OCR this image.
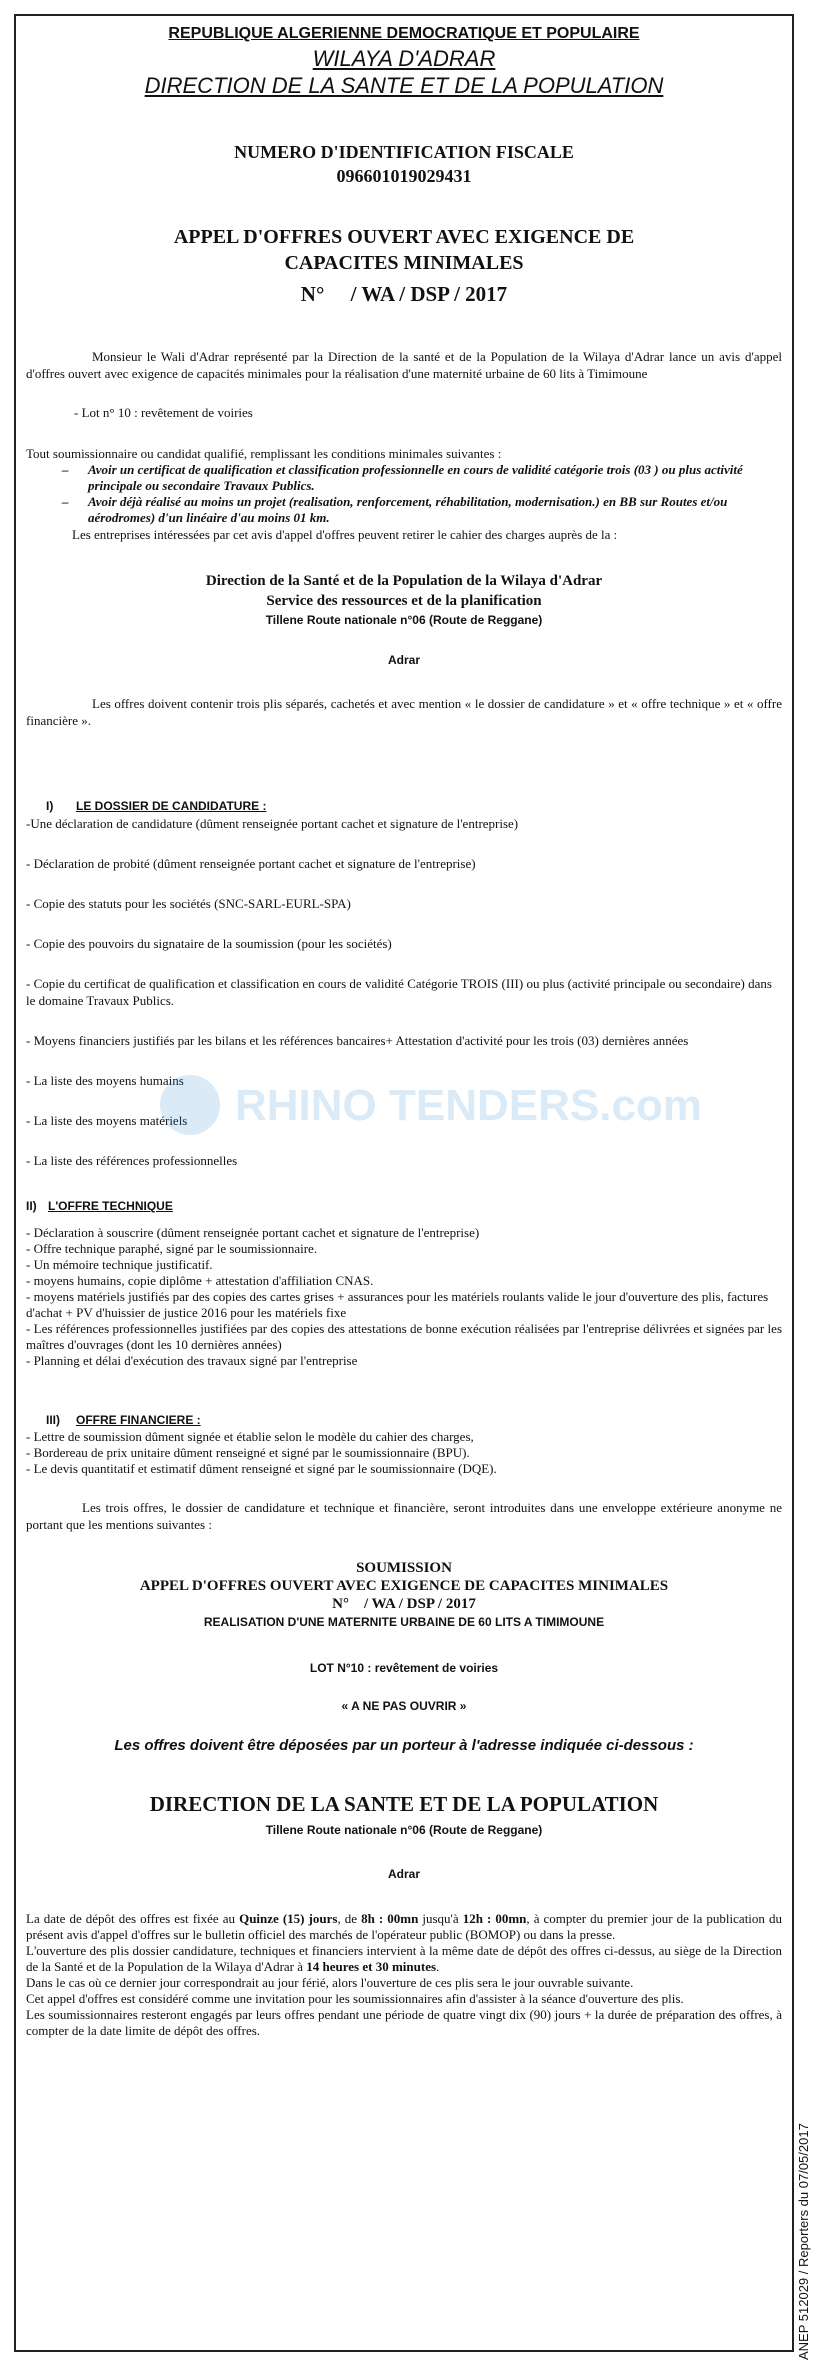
REPUBLIQUE ALGERIENNE DEMOCRATIQUE ET POPULAIRE

WILAYA D'ADRAR

DIRECTION DE LA SANTE ET DE LA POPULATION

NUMERO D'IDENTIFICATION FISCALE
096601019029431
APPEL D'OFFRES OUVERT AVEC EXIGENCE DE CAPACITES MINIMALES
N°     / WA / DSP / 2017

Monsieur le Wali d'Adrar représenté par la Direction de la santé et de la Population de la Wilaya d'Adrar lance un avis d'appel d'offres ouvert avec exigence de capacités minimales pour la réalisation d'une maternité urbaine de 60 lits à Timimoune

- Lot n° 10 : revêtement de voiries

Tout soumissionnaire ou candidat qualifié, remplissant les conditions minimales suivantes :

–	Avoir un certificat de qualification et classification professionnelle en cours de validité catégorie trois (03 ) ou plus activité principale ou secondaire Travaux Publics.
–	Avoir déjà réalisé au moins un projet (realisation, renforcement, réhabilitation, modernisation.) en BB sur Routes et/ou aérodromes) d'un linéaire d'au moins 01 km.

Les entreprises intéressées par cet avis d'appel d'offres peuvent retirer le cahier des charges auprès de la :

Direction de la Santé et de la Population de la Wilaya d'Adrar
Service des ressources et de la planification
Tillene Route nationale n°06 (Route de Reggane)
Adrar

Les offres doivent contenir trois plis séparés, cachetés et avec mention « le dossier de candidature » et « offre technique » et « offre financière ».

I) LE DOSSIER DE CANDIDATURE :

-Une déclaration de candidature (dûment renseignée portant cachet et signature de l'entreprise)

- Déclaration de probité (dûment renseignée portant cachet et signature de l'entreprise)

- Copie des statuts pour les sociétés (SNC-SARL-EURL-SPA)

- Copie des pouvoirs du signataire de la soumission (pour les sociétés)

- Copie du certificat de qualification et classification en cours de validité Catégorie TROIS (III) ou plus (activité principale ou secondaire) dans le domaine Travaux Publics.

- Moyens financiers justifiés par les bilans et les références bancaires+ Attestation d'activité pour les trois (03) dernières années

- La liste des moyens humains

- La liste des moyens matériels

- La liste des références professionnelles

II) L'OFFRE TECHNIQUE

- Déclaration à souscrire (dûment renseignée portant cachet et signature de l'entreprise)

- Offre technique paraphé, signé par le soumissionnaire.

- Un mémoire technique justificatif.

- moyens humains, copie diplôme + attestation d'affiliation CNAS.

- moyens matériels justifiés par des copies des cartes grises + assurances pour les matériels roulants valide le jour d'ouverture des plis, factures d'achat + PV d'huissier de justice 2016 pour les matériels fixe

- Les références professionnelles justifiées par des copies des attestations de bonne exécution réalisées par l'entreprise délivrées et signées par les maîtres d'ouvrages (dont les 10 dernières années)

- Planning et délai d'exécution des travaux signé par l'entreprise

III) OFFRE FINANCIERE :

- Lettre de soumission dûment signée et établie selon le modèle du cahier des charges,

- Bordereau de prix unitaire dûment renseigné et signé par le soumissionnaire (BPU).

- Le devis quantitatif et estimatif dûment renseigné et signé par le soumissionnaire (DQE).

Les trois offres, le dossier de candidature et technique et financière, seront introduites dans une enveloppe extérieure anonyme ne portant que les mentions suivantes :

SOUMISSION
APPEL D'OFFRES OUVERT AVEC EXIGENCE DE CAPACITES MINIMALES
N°    / WA / DSP / 2017
REALISATION D'UNE MATERNITE URBAINE DE 60 LITS A TIMIMOUNE
LOT N°10 : revêtement de voiries
« A NE PAS OUVRIR »
Les offres doivent être déposées par un porteur à l'adresse indiquée ci-dessous :
DIRECTION DE LA SANTE ET DE LA POPULATION
Tillene Route nationale n°06 (Route de Reggane)
Adrar

La date de dépôt des offres est fixée au Quinze (15) jours, de 8h : 00mn jusqu'à 12h : 00mn, à compter du premier jour de la publication du présent avis d'appel d'offres sur le bulletin officiel des marchés de l'opérateur public (BOMOP) ou dans la presse.

L'ouverture des plis dossier candidature, techniques et financiers intervient à la même date de dépôt des offres ci-dessus, au siège de la Direction de la Santé et de la Population de la Wilaya d'Adrar à 14 heures et 30 minutes.

Dans le cas où ce dernier jour correspondrait au jour férié, alors l'ouverture de ces plis sera le jour ouvrable suivante.

Cet appel d'offres est considéré comme une invitation pour les soumissionnaires afin d'assister à la séance d'ouverture des plis.

Les soumissionnaires resteront engagés par leurs offres pendant une période de quatre vingt dix (90) jours + la durée de préparation des offres, à compter de la date limite de dépôt des offres.

ANEP 512029 / Reporters du 07/05/2017
